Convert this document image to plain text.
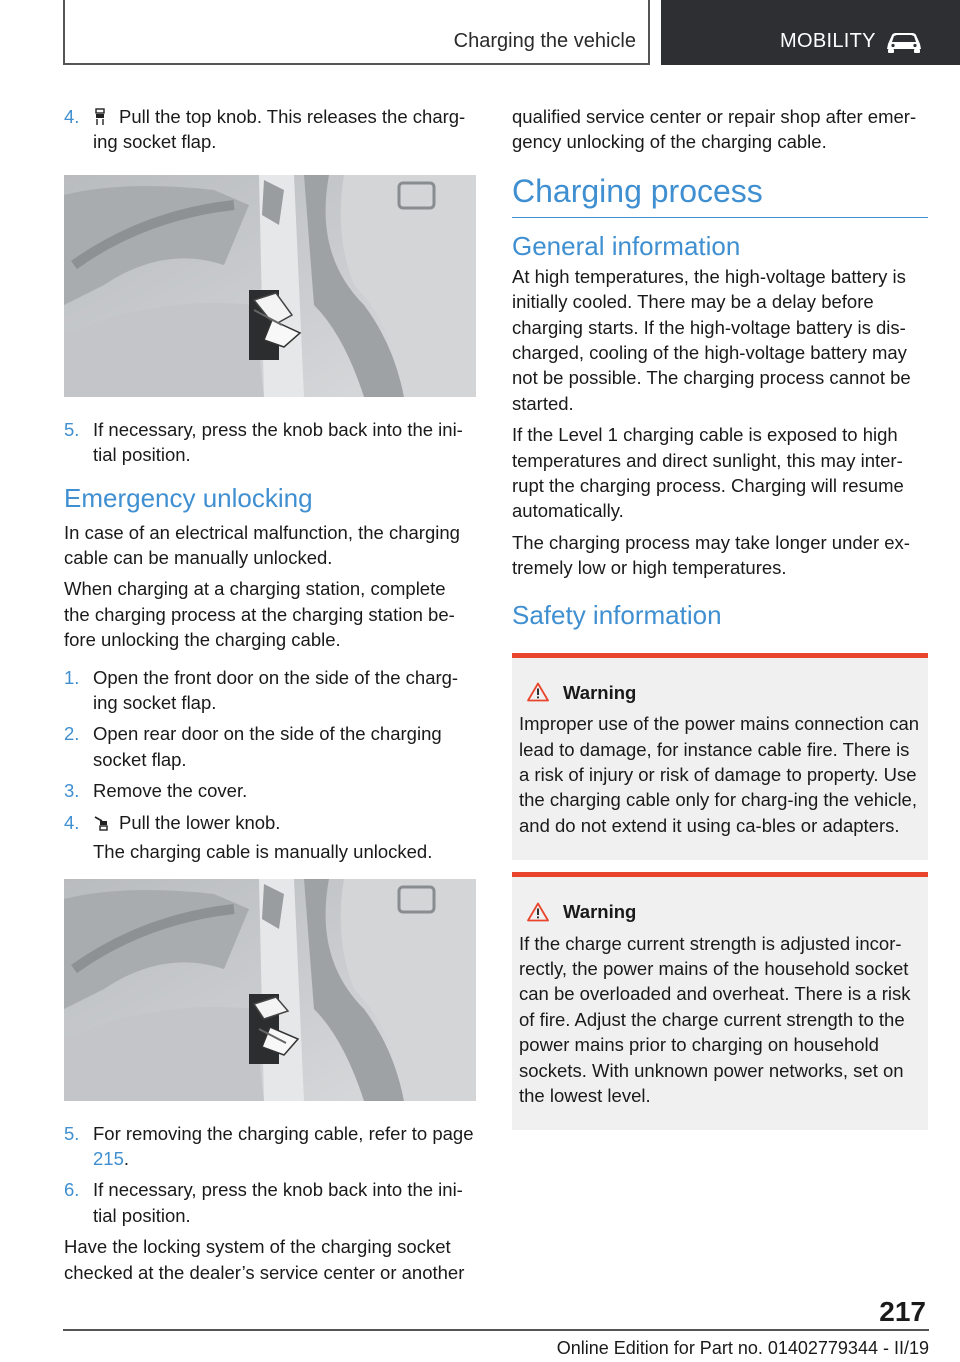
Charging the vehicle	MOBILITY
4.	Pull the top knob. This releases the charg-ing socket flap.
5. If necessary, press the knob back into the ini-tial position.
Emergency unlocking

In case of an electrical malfunction, the charging cable can be manually unlocked.

When charging at a charging station, complete the charging process at the charging station be-fore unlocking the charging cable.

1. Open the front door on the side of the charg-ing socket flap.
2. Open rear door on the side of the charging socket flap.
3. Remove the cover.
4.	Pull the lower knob.
The charging cable is manually unlocked.
5. For removing the charging cable, refer to page 215.
6. If necessary, press the knob back into the ini-tial position.

Have the locking system of the charging socket checked at the dealer’s service center or another

qualified service center or repair shop after emer-gency unlocking of the charging cable.

Charging process
General information

At high temperatures, the high-voltage battery is initially cooled. There may be a delay before charging starts. If the high-voltage battery is dis-charged, cooling of the high-voltage battery may not be possible. The charging process cannot be started.

If the Level 1 charging cable is exposed to high temperatures and direct sunlight, this may inter-rupt the charging process. Charging will resume automatically.

The charging process may take longer under ex-tremely low or high temperatures.

Safety information
Warning
Improper use of the power mains connection can lead to damage, for instance cable fire. There is a risk of injury or risk of damage to property. Use the charging cable only for charg-ing the vehicle, and do not extend it using ca-bles or adapters.
Warning
If the charge current strength is adjusted incor-rectly, the power mains of the household socket can be overloaded and overheat. There is a risk of fire. Adjust the charge current strength to the power mains prior to charging on household sockets. With unknown power networks, set on the lowest level.
217
Online Edition for Part no. 01402779344 - II/19
